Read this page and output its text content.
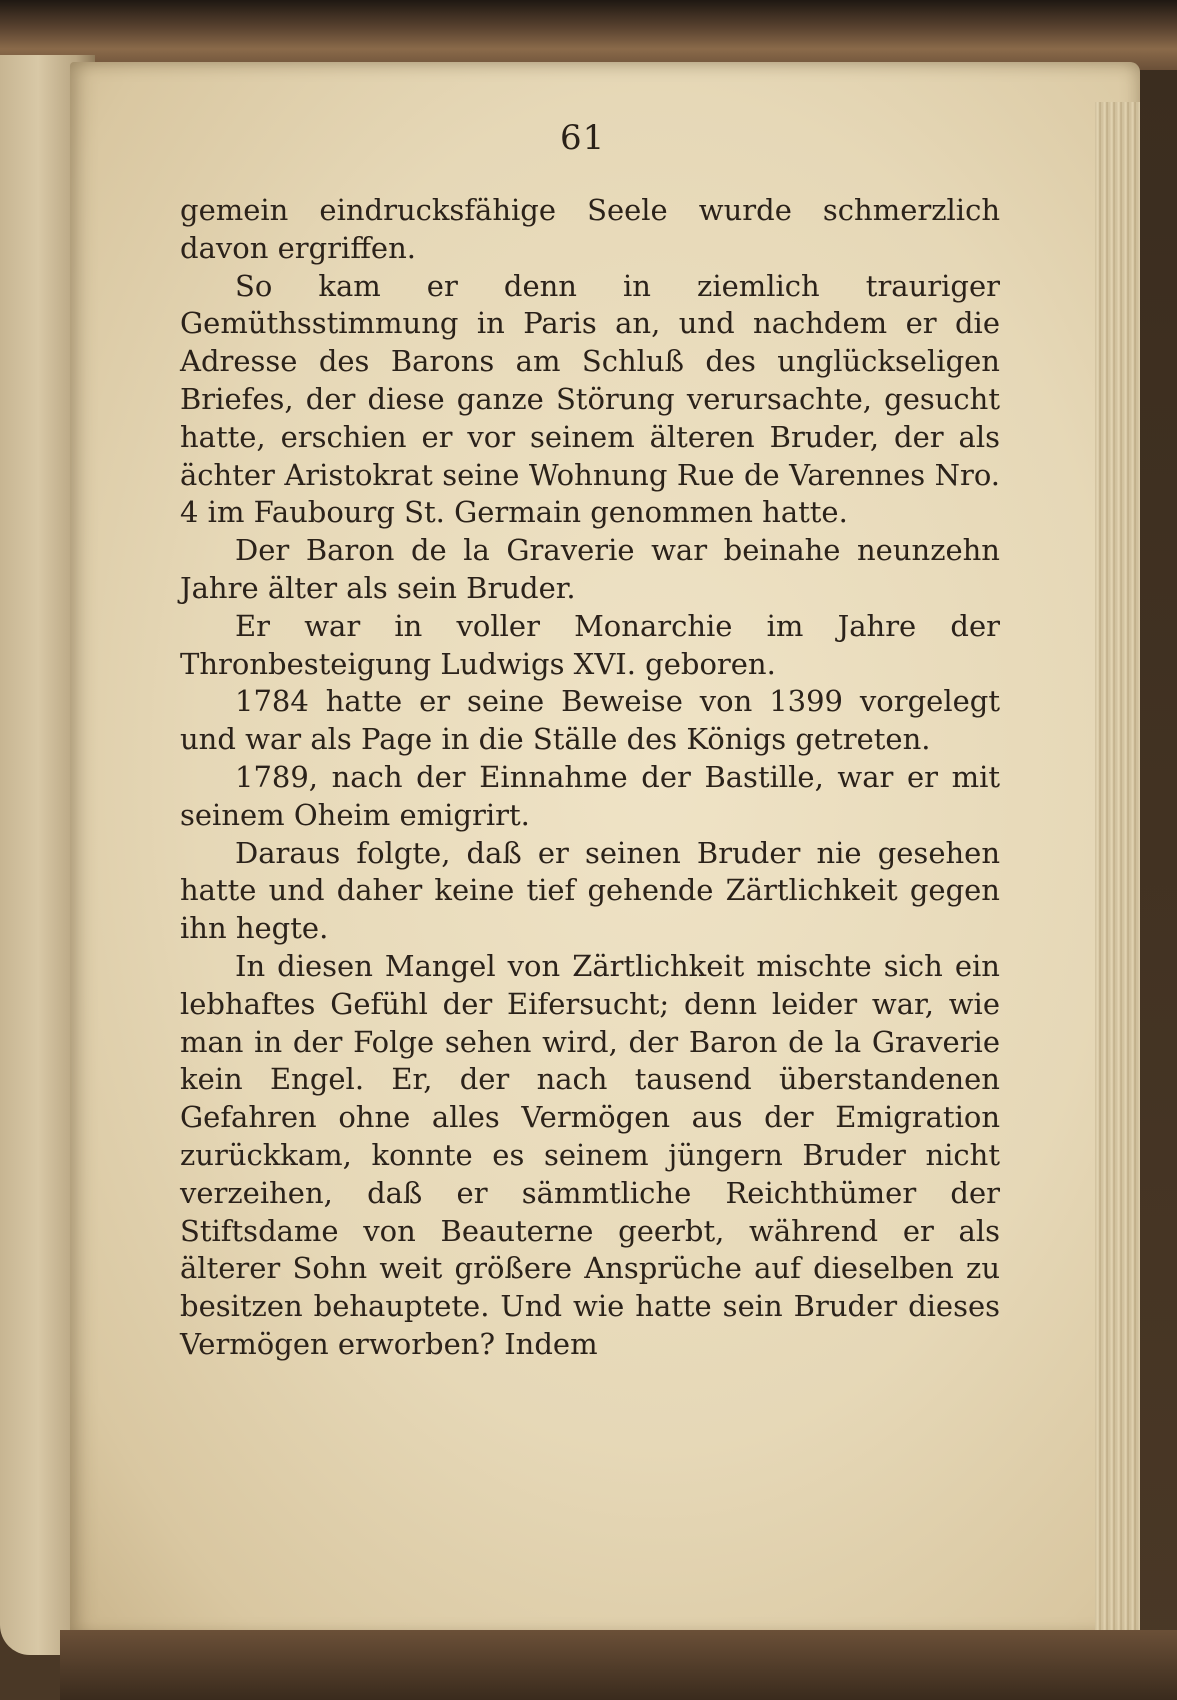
61

gemein eindrucksfähige Seele wurde schmerzlich davon ergriffen.

So kam er denn in ziemlich trauriger Gemüthsstimmung in Paris an, und nachdem er die Adresse des Barons am Schluß des unglückseligen Briefes, der diese ganze Störung verursachte, gesucht hatte, erschien er vor seinem älteren Bruder, der als ächter Aristokrat seine Wohnung Rue de Varennes Nro. 4 im Faubourg St. Germain genommen hatte.

Der Baron de la Graverie war beinahe neunzehn Jahre älter als sein Bruder.

Er war in voller Monarchie im Jahre der Thronbesteigung Ludwigs XVI. geboren.

1784 hatte er seine Beweise von 1399 vorgelegt und war als Page in die Ställe des Königs getreten.

1789, nach der Einnahme der Bastille, war er mit seinem Oheim emigrirt.

Daraus folgte, daß er seinen Bruder nie gesehen hatte und daher keine tief gehende Zärtlichkeit gegen ihn hegte.

In diesen Mangel von Zärtlichkeit mischte sich ein lebhaftes Gefühl der Eifersucht; denn leider war, wie man in der Folge sehen wird, der Baron de la Graverie kein Engel. Er, der nach tausend überstandenen Gefahren ohne alles Vermögen aus der Emigration zurückkam, konnte es seinem jüngern Bruder nicht verzeihen, daß er sämmtliche Reichthümer der Stiftsdame von Beauterne geerbt, während er als älterer Sohn weit größere Ansprüche auf dieselben zu besitzen behauptete. Und wie hatte sein Bruder dieses Vermögen erworben? Indem
